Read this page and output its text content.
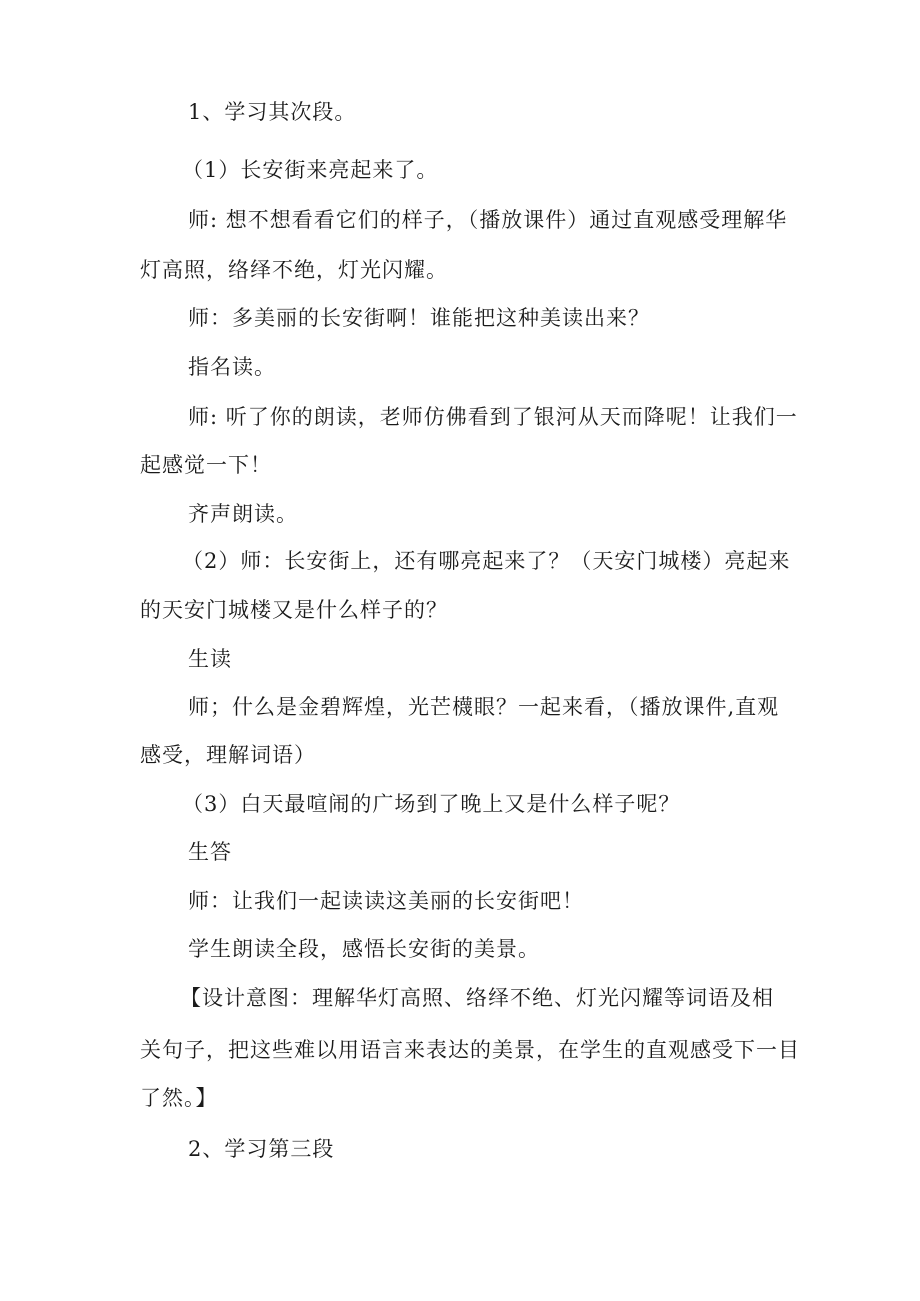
1、学习其次段。
（1）长安街来亮起来了。
师: 想不想看看它们的样子，（播放课件）通过直观感受理解华
灯高照，络绎不绝，灯光闪耀。
师：多美丽的长安街啊！谁能把这种美读出来？
指名读。
师: 听了你的朗读，老师仿佛看到了银河从天而降呢！让我们一
起感觉一下！
齐声朗读。
（2）师：长安街上，还有哪亮起来了？（天安门城楼）亮起来
的天安门城楼又是什么样子的？
生读
师；什么是金碧辉煌，光芒櫗眼？一起来看，（播放课件,直观
感受，理解词语）
（3）白天最喧闹的广场到了晚上又是什么样子呢？
生答
师：让我们一起读读这美丽的长安街吧！
学生朗读全段，感悟长安街的美景。
【设计意图：理解华灯高照、络绎不绝、灯光闪耀等词语及相
关句子，把这些难以用语言来表达的美景，在学生的直观感受下一目
了然。】
2、学习第三段
